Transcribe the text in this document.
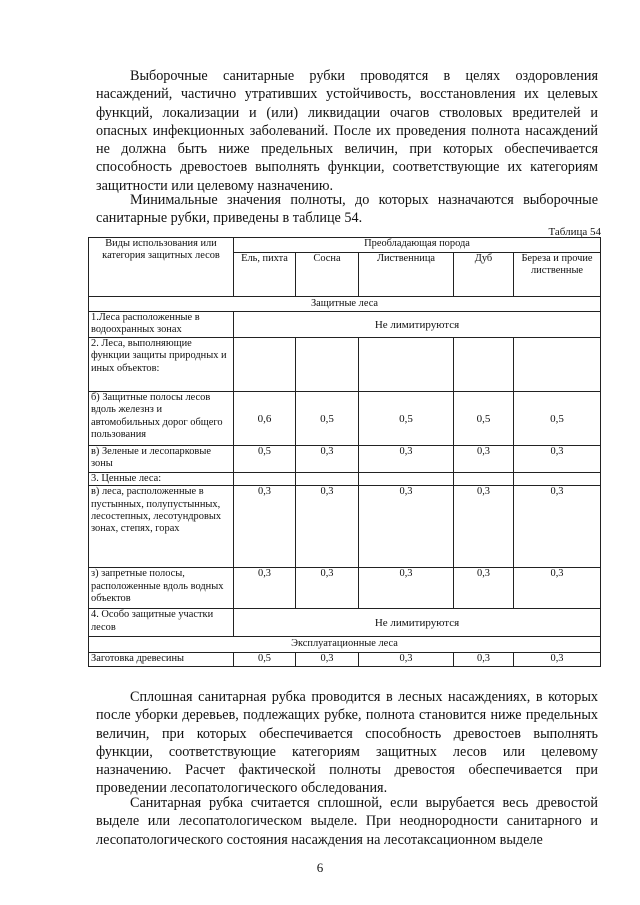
Выборочные санитарные рубки проводятся в целях оздоровления насаждений, частично утративших устойчивость, восстановления их целевых функций, локализации и (или) ликвидации очагов стволовых вредителей и опасных инфекционных заболеваний. После их проведения полнота насаждений не должна быть ниже предельных величин, при которых обеспечивается способность древостоев выполнять функции, соответствующие их категориям защитности или целевому назначению.

Минимальные значения полноты, до которых назначаются выборочные санитарные рубки, приведены в таблице 54.

Таблица 54
Виды использования или категория защитных лесов	Преобладающая порода				
	Ель, пихта	Сосна	Лиственница	Дуб	Береза и прочие лиственные
Защитные леса					
1.Леса расположенные в водоохранных зонах	Не лимитируются				
2. Леса, выполняющие функции защиты природных и иных объектов:					
б) Защитные полосы лесов вдоль железнз и автомобильных дорог общего пользования	0,6	0,5	0,5	0,5	0,5
в) Зеленые и лесопарковые зоны	0,5	0,3	0,3	0,3	0,3
3. Ценные леса:					
в) леса, расположенные в пустынных, полупустынных, лесостепных, лесотундровых зонах, степях, горах	0,3	0,3	0,3	0,3	0,3
з) запретные полосы, расположенные вдоль водных объектов	0,3	0,3	0,3	0,3	0,3
4. Особо защитные участки лесов	Не лимитируются				
Эксплуатационные леса					
Заготовка древесины	0,5	0,3	0,3	0,3	0,3

Сплошная санитарная рубка проводится в лесных насаждениях, в которых после уборки деревьев, подлежащих рубке, полнота становится ниже предельных величин, при которых обеспечивается способность древостоев выполнять функции, соответствующие категориям защитных лесов или целевому назначению. Расчет фактической полноты древостоя обеспечивается при проведении лесопатологического обследования.

Санитарная рубка считается сплошной, если вырубается весь древостой выделе или лесопатологическом выделе. При неоднородности санитарного и лесопатологического состояния насаждения на лесотаксационном выделе

6
